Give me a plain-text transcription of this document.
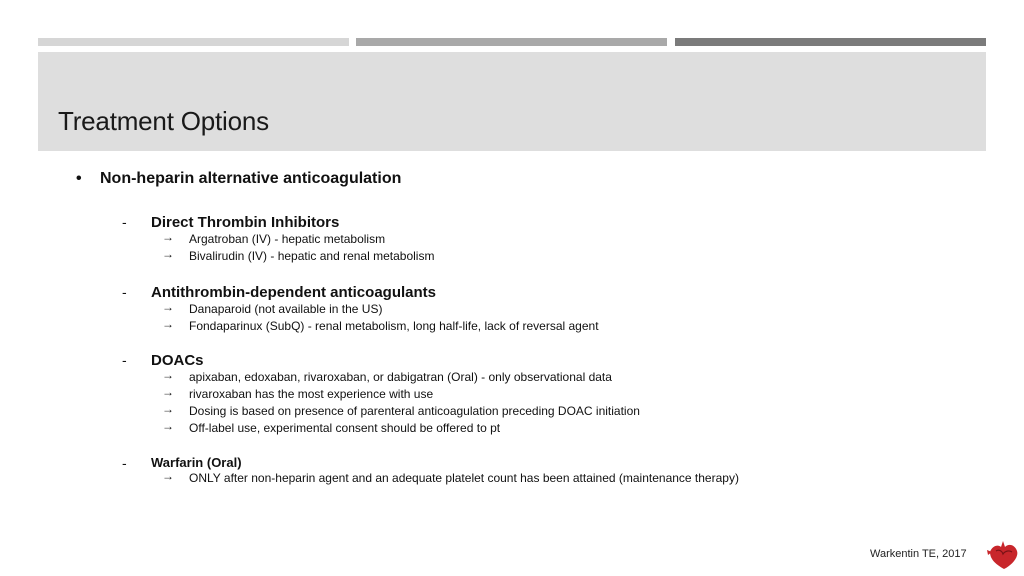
Treatment Options
• Non-heparin alternative anticoagulation
- Direct Thrombin Inhibitors
→ Argatroban (IV) - hepatic metabolism
→ Bivalirudin (IV) - hepatic and renal metabolism
- Antithrombin-dependent anticoagulants
→ Danaparoid (not available in the US)
→ Fondaparinux (SubQ) - renal metabolism, long half-life, lack of reversal agent
- DOACs
→ apixaban, edoxaban, rivaroxaban, or dabigatran (Oral) - only observational data
→ rivaroxaban has the most experience with use
→ Dosing is based on presence of parenteral anticoagulation preceding DOAC initiation
→ Off-label use, experimental consent should be offered to pt
- Warfarin (Oral)
→ ONLY after non-heparin agent and an adequate platelet count has been attained (maintenance therapy)
Warkentin TE, 2017
